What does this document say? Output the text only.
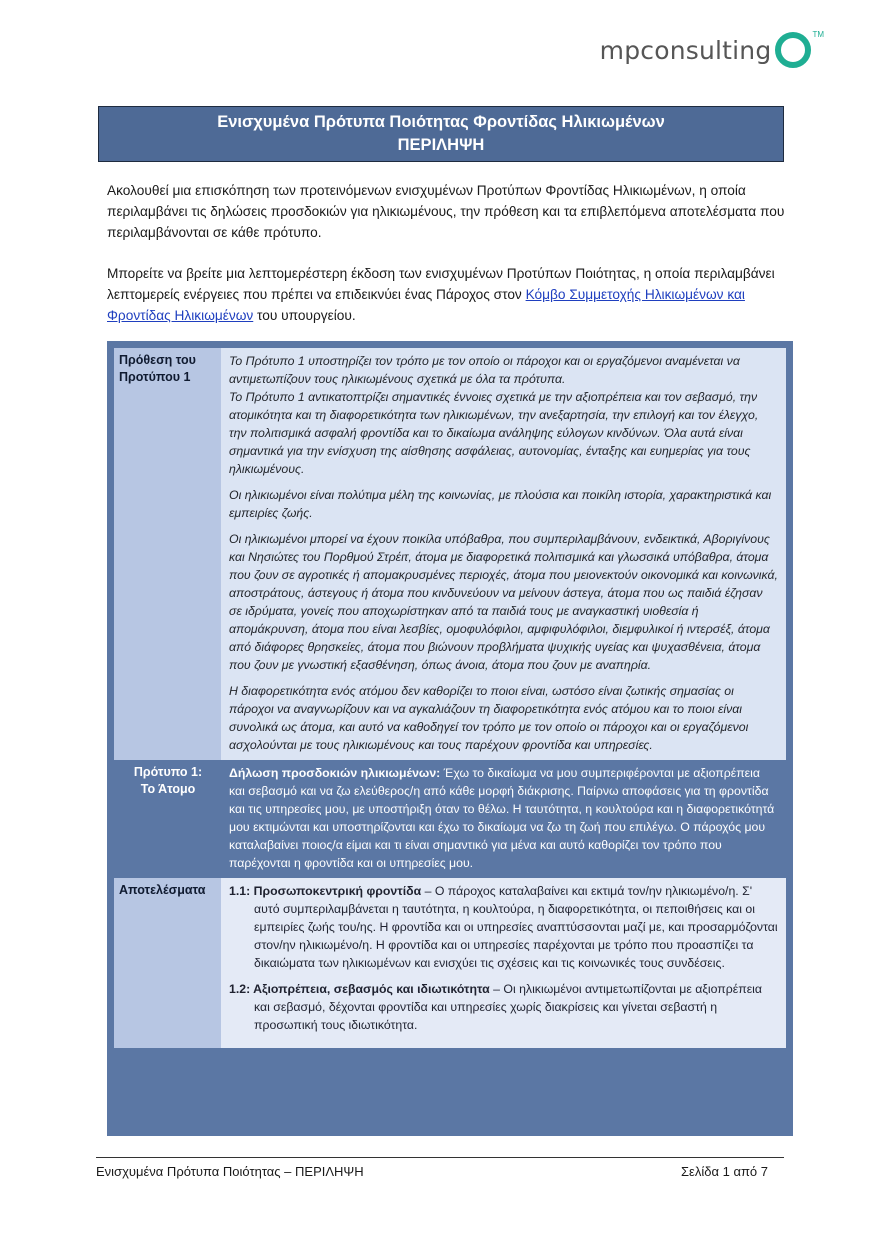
mpconsulting
TM
Ενισχυμένα Πρότυπα Ποιότητας Φροντίδας Ηλικιωμένων
ΠΕΡΙΛΗΨΗ

Ακολουθεί μια επισκόπηση των προτεινόμενων ενισχυμένων Προτύπων Φροντίδας Ηλικιωμένων, η οποία περιλαμβάνει τις δηλώσεις προσδοκιών για ηλικιωμένους, την πρόθεση και τα επιβλεπόμενα αποτελέσματα που περιλαμβάνονται σε κάθε πρότυπο.

Μπορείτε να βρείτε μια λεπτομερέστερη έκδοση των ενισχυμένων Προτύπων Ποιότητας, η οποία περιλαμβάνει λεπτομερείς ενέργειες που πρέπει να επιδεικνύει ένας Πάροχος στον Κόμβο Συμμετοχής Ηλικιωμένων και Φροντίδας Ηλικιωμένων του υπουργείου.

Πρόθεση του Προτύπου 1

Το Πρότυπο 1 υποστηρίζει τον τρόπο με τον οποίο οι πάροχοι και οι εργαζόμενοι αναμένεται να αντιμετωπίζουν τους ηλικιωμένους σχετικά με όλα τα πρότυπα.

Το Πρότυπο 1 αντικατοπτρίζει σημαντικές έννοιες σχετικά με την αξιοπρέπεια και τον σεβασμό, την ατομικότητα και τη διαφορετικότητα των ηλικιωμένων, την ανεξαρτησία, την επιλογή και τον έλεγχο, την πολιτισμικά ασφαλή φροντίδα και το δικαίωμα ανάληψης εύλογων κινδύνων. Όλα αυτά είναι σημαντικά για την ενίσχυση της αίσθησης ασφάλειας, αυτονομίας, ένταξης και ευημερίας για τους ηλικιωμένους.

Οι ηλικιωμένοι είναι πολύτιμα μέλη της κοινωνίας, με πλούσια και ποικίλη ιστορία, χαρακτηριστικά και εμπειρίες ζωής.

Οι ηλικιωμένοι μπορεί να έχουν ποικίλα υπόβαθρα, που συμπεριλαμβάνουν, ενδεικτικά, Αβοριγίνους και Νησιώτες του Πορθμού Στρέιτ, άτομα με διαφορετικά πολιτισμικά και γλωσσικά υπόβαθρα, άτομα που ζουν σε αγροτικές ή απομακρυσμένες περιοχές, άτομα που μειονεκτούν οικονομικά και κοινωνικά, αποστράτους, άστεγους ή άτομα που κινδυνεύουν να μείνουν άστεγα, άτομα που ως παιδιά έζησαν σε ιδρύματα, γονείς που αποχωρίστηκαν από τα παιδιά τους με αναγκαστική υιοθεσία ή απομάκρυνση, άτομα που είναι λεσβίες, ομοφυλόφιλοι, αμφιφυλόφιλοι, διεμφυλικοί ή ιντερσέξ, άτομα από διάφορες θρησκείες, άτομα που βιώνουν προβλήματα ψυχικής υγείας και ψυχασθένεια, άτομα που ζουν με γνωστική εξασθένηση, όπως άνοια, άτομα που ζουν με αναπηρία.

Η διαφορετικότητα ενός ατόμου δεν καθορίζει το ποιοι είναι, ωστόσο είναι ζωτικής σημασίας οι πάροχοι να αναγνωρίζουν και να αγκαλιάζουν τη διαφορετικότητα ενός ατόμου και το ποιοι είναι συνολικά ως άτομα, και αυτό να καθοδηγεί τον τρόπο με τον οποίο οι πάροχοι και οι εργαζόμενοι ασχολούνται με τους ηλικιωμένους και τους παρέχουν φροντίδα και υπηρεσίες.

Πρότυπο 1:
Το Άτομο
Δήλωση προσδοκιών ηλικιωμένων: Έχω το δικαίωμα να μου συμπεριφέρονται με αξιοπρέπεια και σεβασμό και να ζω ελεύθερος/η από κάθε μορφή διάκρισης. Παίρνω αποφάσεις για τη φροντίδα και τις υπηρεσίες μου, με υποστήριξη όταν το θέλω. Η ταυτότητα, η κουλτούρα και η διαφορετικότητά μου εκτιμώνται και υποστηρίζονται και έχω το δικαίωμα να ζω τη ζωή που επιλέγω. Ο πάροχός μου καταλαβαίνει ποιος/α είμαι και τι είναι σημαντικό για μένα και αυτό καθορίζει τον τρόπο που παρέχονται η φροντίδα και οι υπηρεσίες μου.
Αποτελέσματα	1.1: Προσωποκεντρική φροντίδα – Ο πάροχος καταλαβαίνει και εκτιμά τον/ην ηλικιωμένο/η. Σ' αυτό συμπεριλαμβάνεται η ταυτότητα, η κουλτούρα, η διαφορετικότητα, οι πεποιθήσεις και οι εμπειρίες ζωής του/ης. Η φροντίδα και οι υπηρεσίες αναπτύσσονται μαζί με, και προσαρμόζονται στον/ην ηλικιωμένο/η. Η φροντίδα και οι υπηρεσίες παρέχονται με τρόπο που προασπίζει τα δικαιώματα των ηλικιωμένων και ενισχύει τις σχέσεις και τις κοινωνικές τους συνδέσεις.

1.2: Αξιοπρέπεια, σεβασμός και ιδιωτικότητα – Οι ηλικιωμένοι αντιμετωπίζονται με αξιοπρέπεια και σεβασμό, δέχονται φροντίδα και υπηρεσίες χωρίς διακρίσεις και γίνεται σεβαστή η προσωπική τους ιδιωτικότητα.

Ενισχυμένα Πρότυπα Ποιότητας – ΠΕΡΙΛΗΨΗ	Σελίδα 1 από 7
